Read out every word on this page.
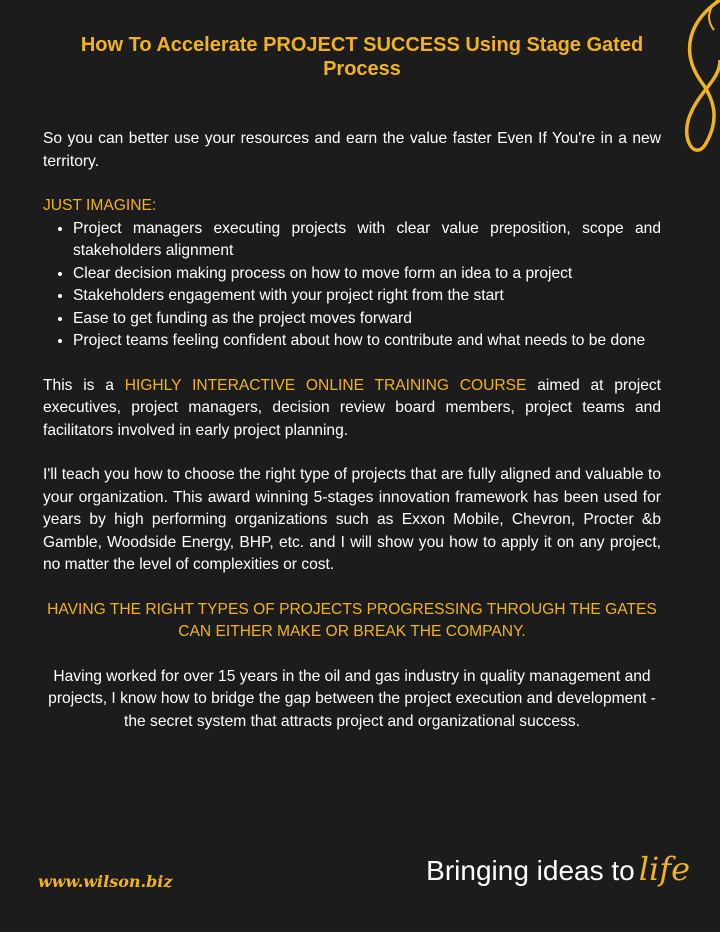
How To Accelerate PROJECT SUCCESS Using Stage Gated Process

So you can better use your resources and earn the value faster Even If You're in a new territory.

JUST IMAGINE:

• Project managers executing projects with clear value preposition, scope and stakeholders alignment
• Clear decision making process on how to move form an idea to a project
• Stakeholders engagement with your project right from the start
• Ease to get funding as the project moves forward
• Project teams feeling confident about how to contribute and what needs to be done

This is a HIGHLY INTERACTIVE ONLINE TRAINING COURSE aimed at project executives, project managers, decision review board members, project teams and facilitators involved in early project planning.

I'll teach you how to choose the right type of projects that are fully aligned and valuable to your organization. This award winning 5-stages innovation framework has been used for years by high performing organizations such as Exxon Mobile, Chevron, Procter &b Gamble, Woodside Energy, BHP, etc. and I will show you how to apply it on any project, no matter the level of complexities or cost.

HAVING THE RIGHT TYPES OF PROJECTS PROGRESSING THROUGH THE GATES CAN EITHER MAKE OR BREAK THE COMPANY.

Having worked for over 15 years in the oil and gas industry in quality management and projects, I know how to bridge the gap between the project execution and development - the secret system that attracts project and organizational success.

www.wilson.biz	Bringing ideas to life
